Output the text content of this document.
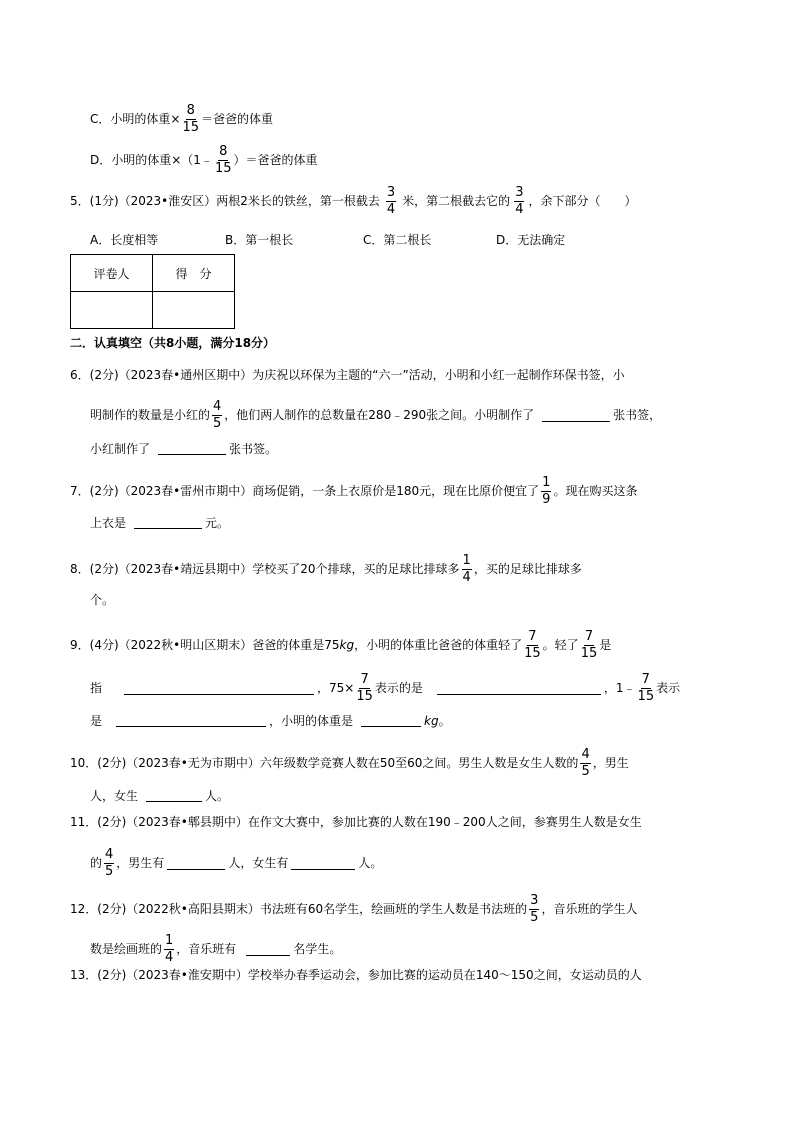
C．小明的体重× $\frac{8}{15}$ ＝爸爸的体重
D．小明的体重×（1﹣ $\frac{8}{15}$ ）＝爸爸的体重
5．(1分)（2023•淮安区）两根2米长的铁丝，第一根截去 $\frac{3}{4}$ 米，第二根截去它的 $\frac{3}{4}$ ，余下部分（　　）
A．长度相等	B．第一根长	C．第二根长	D．无法确定
评卷人	得　分

二．认真填空（共8小题，满分18分）
6．(2分)（2023春•通州区期中）为庆祝以环保为主题的“六一”活动，小明和小红一起制作环保书签，小
明制作的数量是小红的 $\frac{4}{5}$ ，他们两人制作的总数量在280﹣290张之间。小明制作了	张书签，
小红制作了	张书签。
7．(2分)（2023春•雷州市期中）商场促销，一条上衣原价是180元，现在比原价便宜了 $\frac{1}{9}$ 。现在购买这条
上衣是	元。
8．(2分)（2023春•靖远县期中）学校买了20个排球，买的足球比排球多 $\frac{1}{4}$ ，买的足球比排球多
个。
9．(4分)（2022秋•明山区期末）爸爸的体重是75 kg ，小明的体重比爸爸的体重轻了 $\frac{7}{15}$ 。轻了 $\frac{7}{15}$ 是
指	，$75\times \frac{7}{15}$ 表示的是	，1﹣ $\frac{7}{15}$ 表示
是	，小明的体重是	kg 。
10．(2分)（2023春•无为市期中）六年级数学竞赛人数在50至60之间。男生人数是女生人数的 $\frac{4}{5}$ ，男生
人，女生	人。
11．(2分)（2023春•郫县期中）在作文大赛中，参加比赛的人数在190﹣200人之间，参赛男生人数是女生
的 $\frac{4}{5}$ ，男生有	人，女生有	人。
12．(2分)（2022秋•高阳县期末）书法班有60名学生，绘画班的学生人数是书法班的 $\frac{3}{5}$ ，音乐班的学生人
数是绘画班的 $\frac{1}{4}$ ，音乐班有	名学生。
13．(2分)（2023春•淮安期中）学校举办春季运动会，参加比赛的运动员在140～150之间，女运动员的人
